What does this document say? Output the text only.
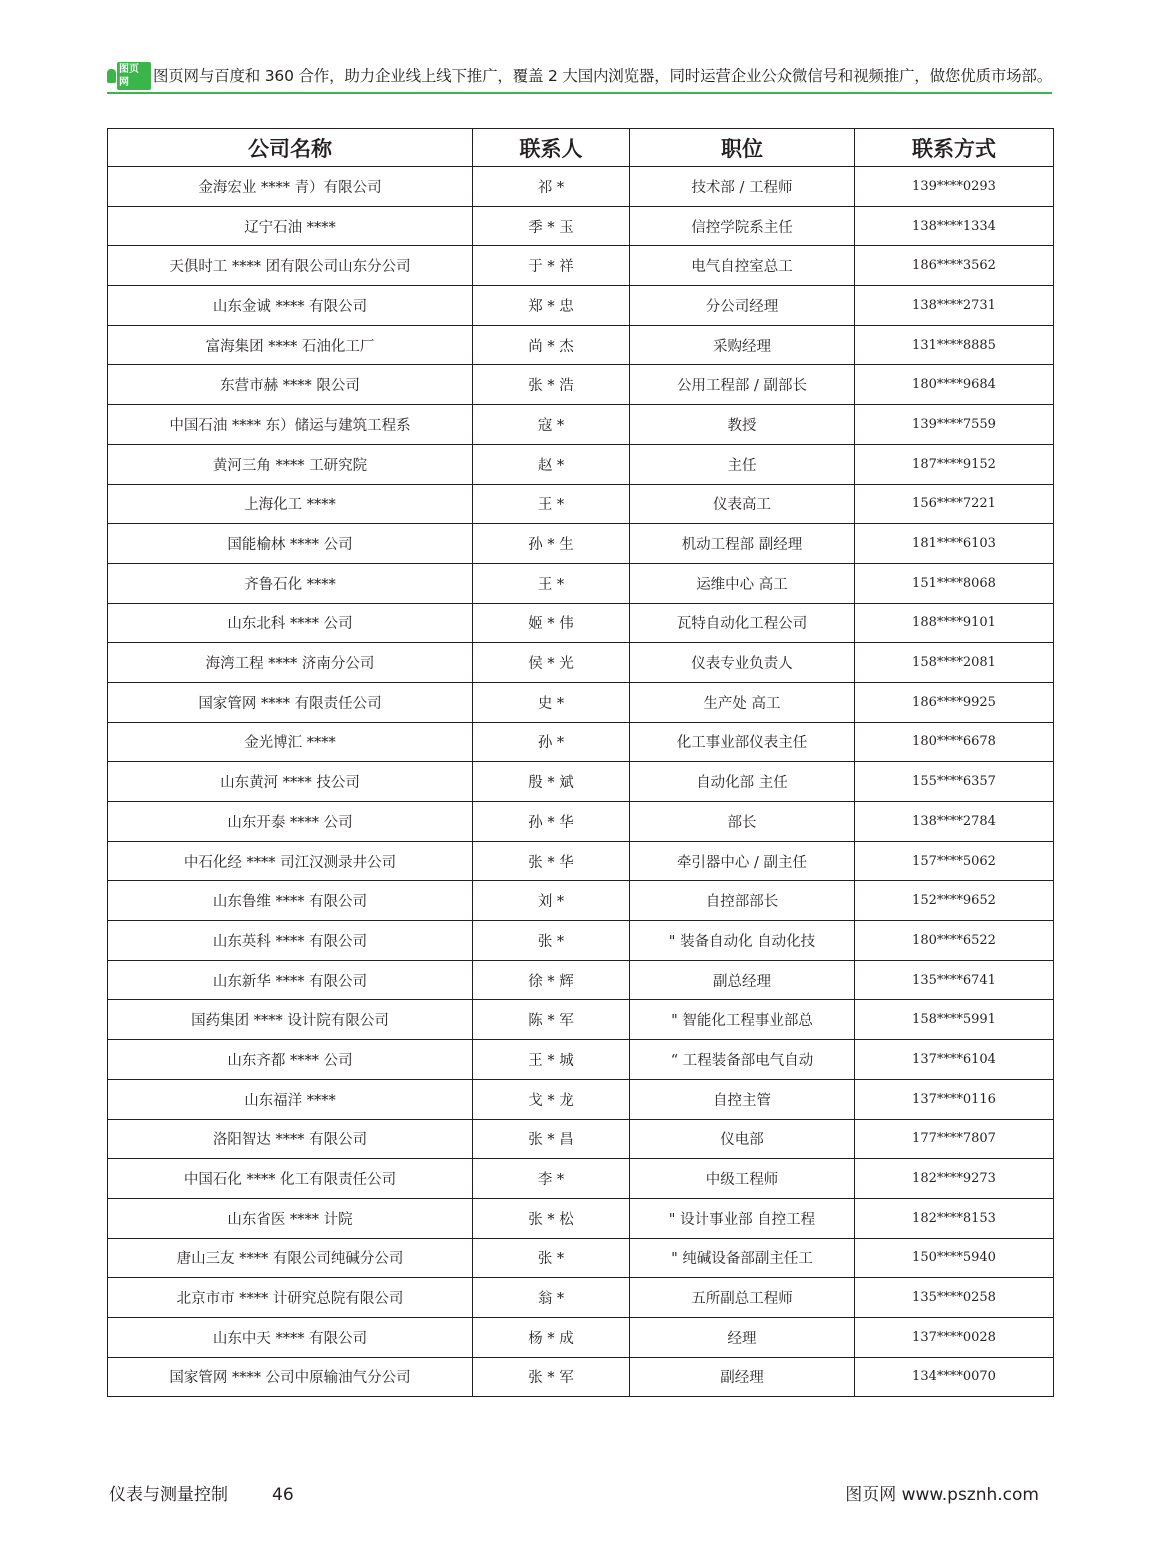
图页网	图页网与百度和 360 合作，助力企业线上线下推广，覆盖 2 大国内浏览器，同时运营企业公众微信号和视频推广，做您优质市场部。
公司名称	联系人	职位	联系方式
金海宏业 **** 青）有限公司	祁 *	技术部 / 工程师	139****0293
辽宁石油 ****	季 * 玉	信控学院系主任	138****1334
天俱时工 **** 团有限公司山东分公司	于 * 祥	电气自控室总工	186****3562
山东金诚 **** 有限公司	郑 * 忠	分公司经理	138****2731
富海集团 **** 石油化工厂	尚 * 杰	采购经理	131****8885
东营市赫 **** 限公司	张 * 浩	公用工程部 / 副部长	180****9684
中国石油 **** 东）储运与建筑工程系	寇 *	教授	139****7559
黄河三角 **** 工研究院	赵 *	主任	187****9152
上海化工 ****	王 *	仪表高工	156****7221
国能榆林 **** 公司	孙 * 生	机动工程部 副经理	181****6103
齐鲁石化 ****	王 *	运维中心 高工	151****8068
山东北科 **** 公司	姬 * 伟	瓦特自动化工程公司	188****9101
海湾工程 **** 济南分公司	侯 * 光	仪表专业负责人	158****2081
国家管网 **** 有限责任公司	史 *	生产处 高工	186****9925
金光博汇 ****	孙 *	化工事业部仪表主任	180****6678
山东黄河 **** 技公司	殷 * 斌	自动化部 主任	155****6357
山东开泰 **** 公司	孙 * 华	部长	138****2784
中石化经 **** 司江汉测录井公司	张 * 华	牵引器中心 / 副主任	157****5062
山东鲁维 **** 有限公司	刘 *	自控部部长	152****9652
山东英科 **** 有限公司	张 *	" 装备自动化 自动化技	180****6522
山东新华 **** 有限公司	徐 * 辉	副总经理	135****6741
国药集团 **** 设计院有限公司	陈 * 军	" 智能化工程事业部总	158****5991
山东齐都 **** 公司	王 * 城	“ 工程装备部电气自动	137****6104
山东福洋 ****	戈 * 龙	自控主管	137****0116
洛阳智达 **** 有限公司	张 * 昌	仪电部	177****7807
中国石化 **** 化工有限责任公司	李 *	中级工程师	182****9273
山东省医 **** 计院	张 * 松	" 设计事业部 自控工程	182****8153
唐山三友 **** 有限公司纯碱分公司	张 *	" 纯碱设备部副主任工	150****5940
北京市市 **** 计研究总院有限公司	翁 *	五所副总工程师	135****0258
山东中天 **** 有限公司	杨 * 成	经理	137****0028
国家管网 **** 公司中原输油气分公司	张 * 军	副经理	134****0070
仪表与测量控制	46	图页网 www.psznh.com
